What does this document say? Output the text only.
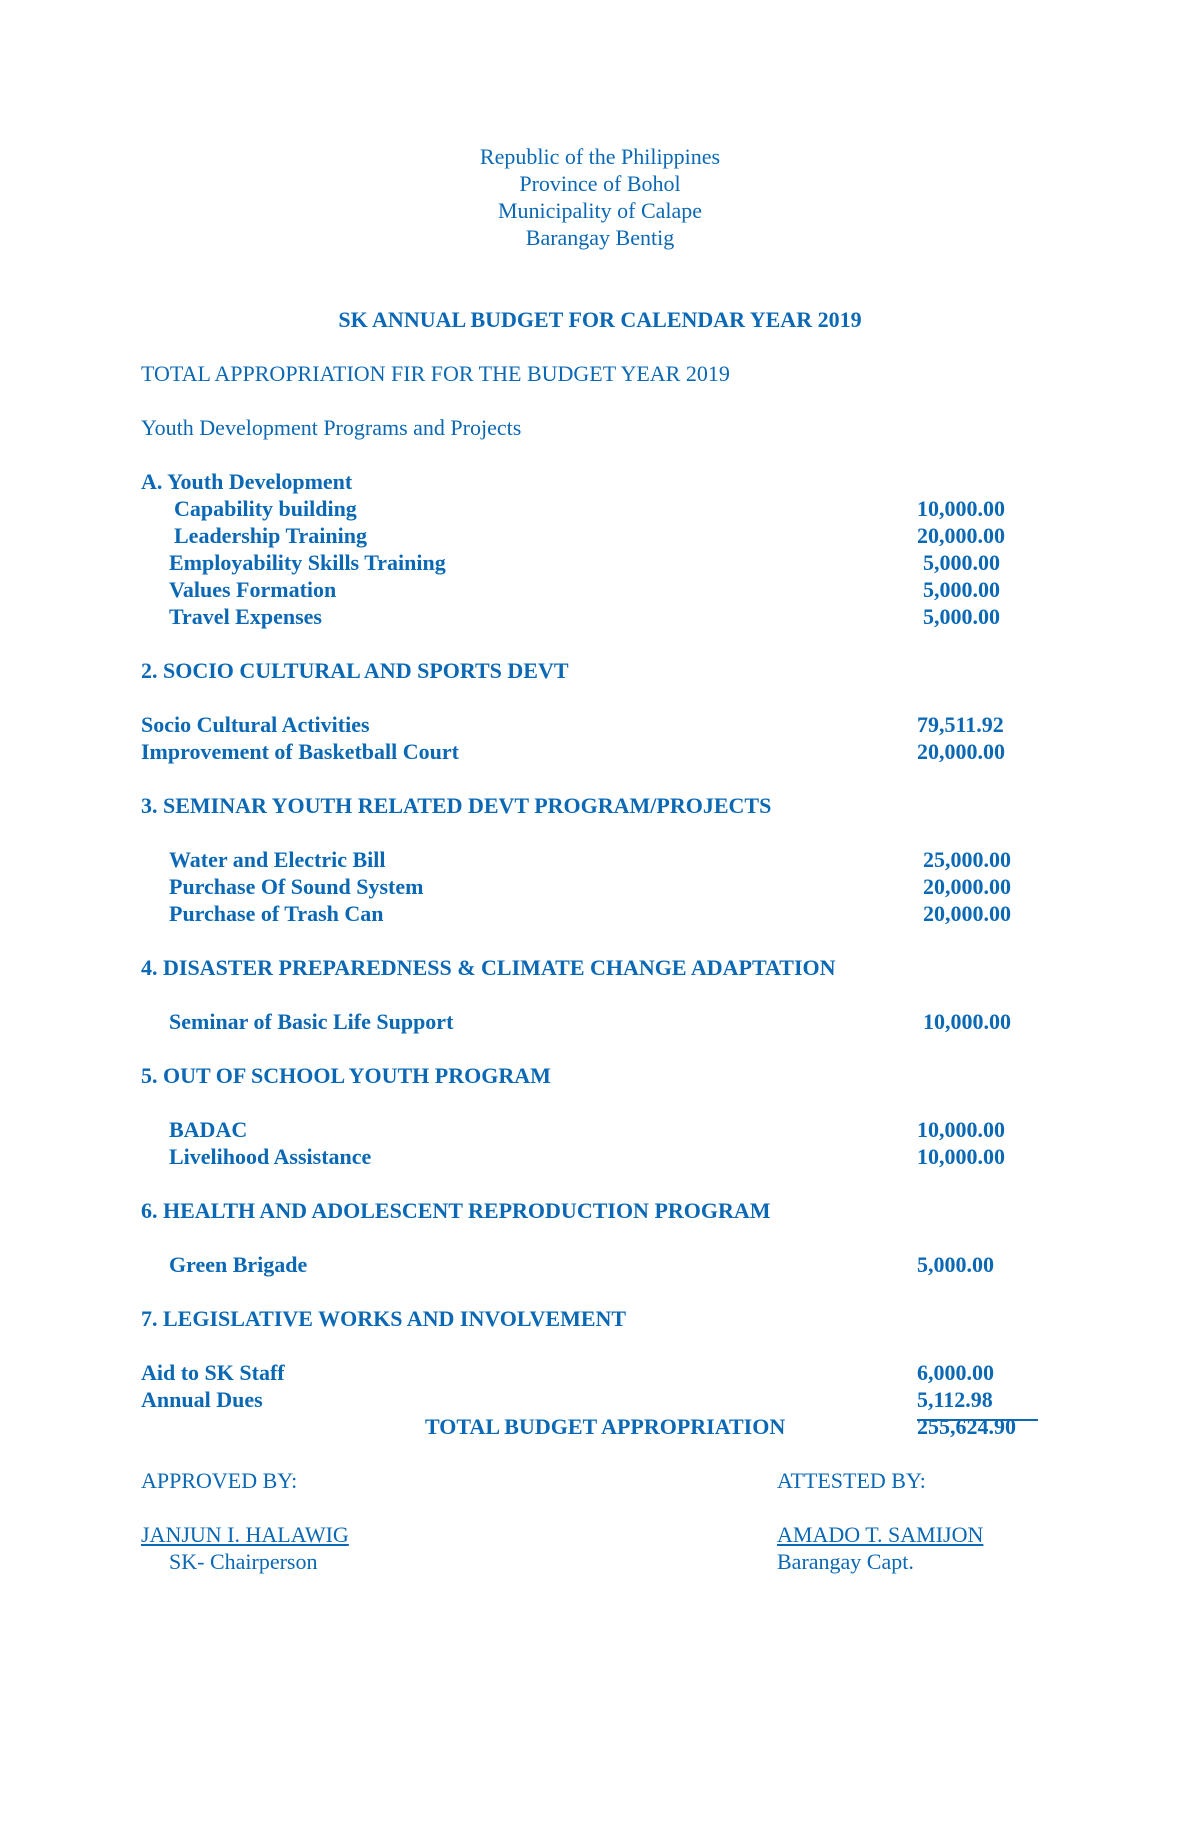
Republic of the Philippines
Province of Bohol
Municipality of Calape
Barangay Bentig
SK ANNUAL BUDGET FOR CALENDAR YEAR 2019
TOTAL APPROPRIATION FIR FOR THE BUDGET YEAR 2019
Youth Development Programs and Projects
A. Youth Development
Capability building	10,000.00
Leadership Training	20,000.00
Employability Skills Training	5,000.00
Values Formation	5,000.00
Travel Expenses	5,000.00
2. SOCIO CULTURAL AND SPORTS DEVT
Socio Cultural Activities	79,511.92
Improvement of Basketball Court	20,000.00
3. SEMINAR YOUTH RELATED DEVT PROGRAM/PROJECTS
Water and Electric Bill	25,000.00
Purchase Of Sound System	20,000.00
Purchase of Trash Can	20,000.00
4. DISASTER PREPAREDNESS & CLIMATE CHANGE ADAPTATION
Seminar of Basic Life Support	10,000.00
5. OUT OF SCHOOL YOUTH PROGRAM
BADAC	10,000.00
Livelihood Assistance	10,000.00
6. HEALTH AND ADOLESCENT REPRODUCTION PROGRAM
Green Brigade	5,000.00
7. LEGISLATIVE WORKS AND INVOLVEMENT
Aid to SK Staff	6,000.00
Annual Dues	5,112.98
TOTAL BUDGET APPROPRIATION	255,624.90
APPROVED BY:	ATTESTED BY:
JANJUN I. HALAWIG
SK- Chairperson
AMADO T. SAMIJON
Barangay Capt.
